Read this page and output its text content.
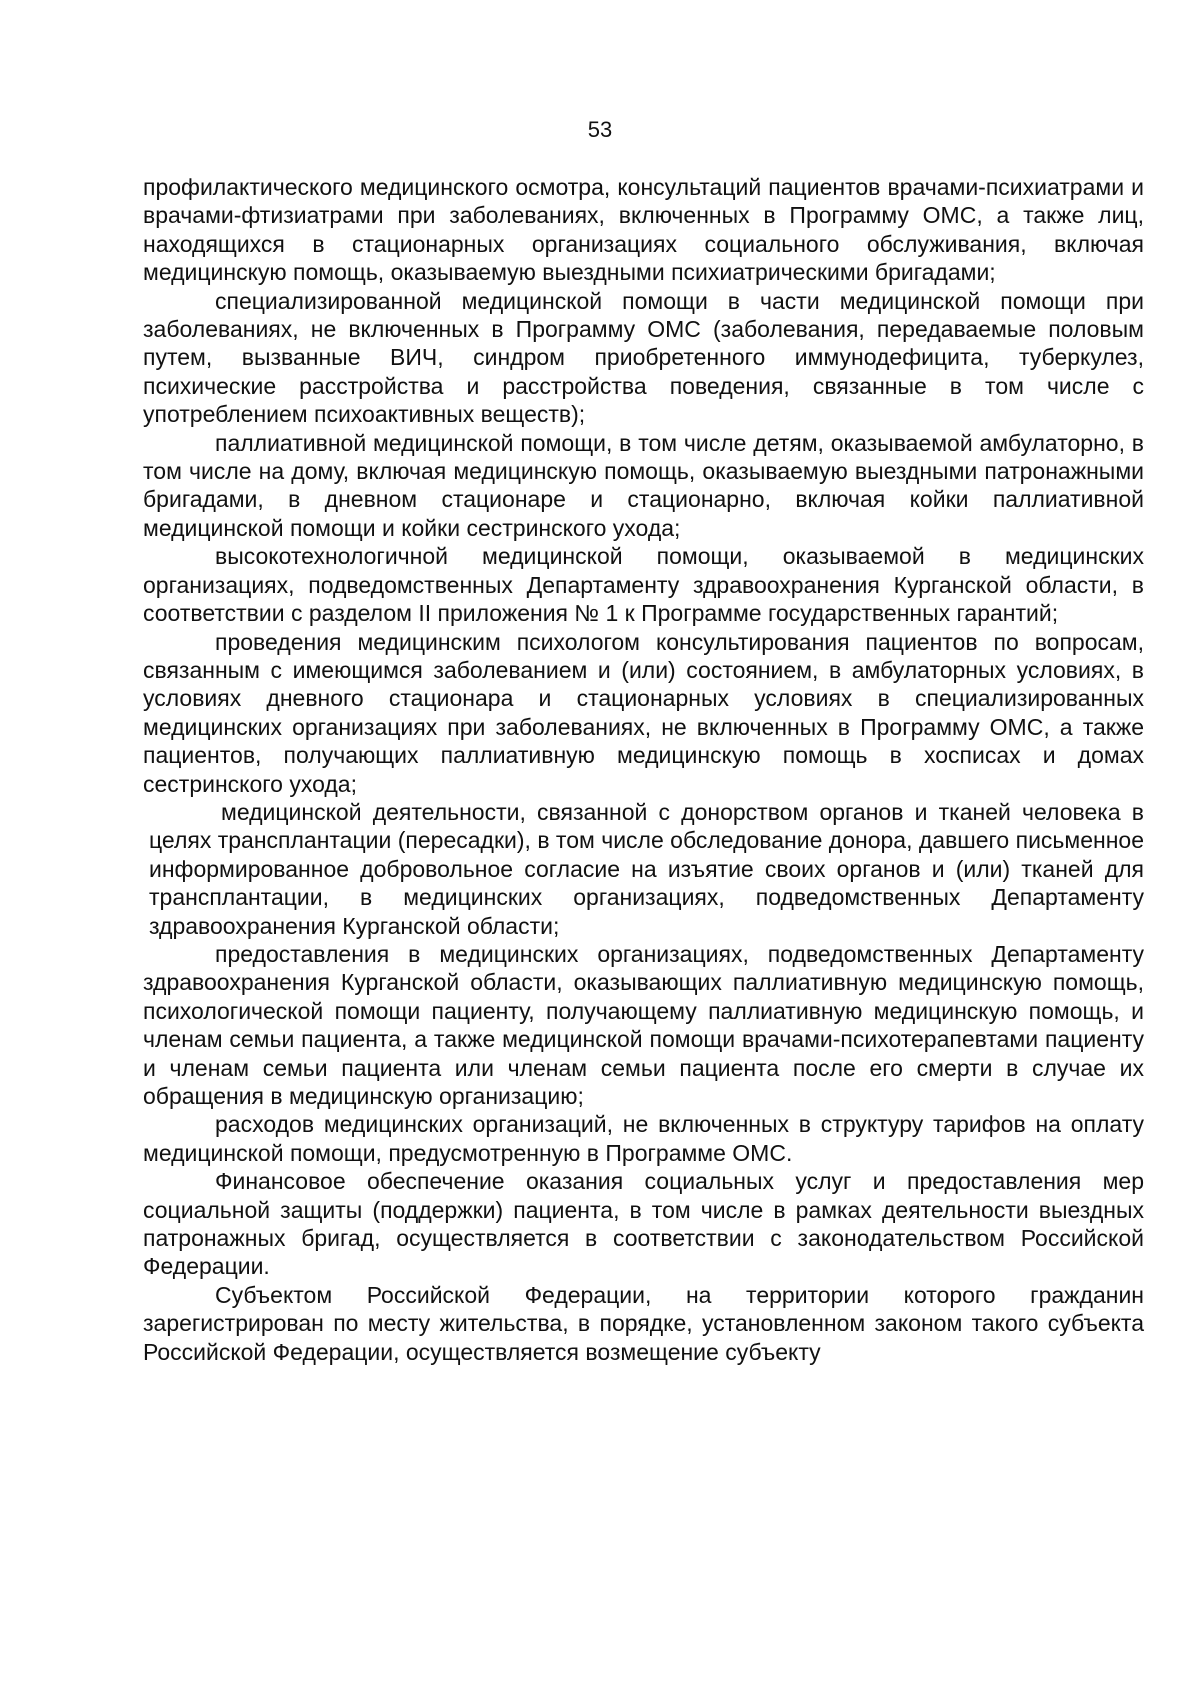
53

профилактического медицинского осмотра, консультаций пациентов врачами-психиатрами и врачами-фтизиатрами при заболеваниях, включенных в Программу ОМС, а также лиц, находящихся в стационарных организациях социального обслуживания, включая медицинскую помощь, оказываемую выездными психиатрическими бригадами;

специализированной медицинской помощи в части медицинской помощи при заболеваниях, не включенных в Программу ОМС (заболевания, передаваемые половым путем, вызванные ВИЧ, синдром приобретенного иммунодефицита, туберкулез, психические расстройства и расстройства поведения, связанные в том числе с употреблением психоактивных веществ);

паллиативной медицинской помощи, в том числе детям, оказываемой амбулаторно, в том числе на дому, включая медицинскую помощь, оказываемую выездными патронажными бригадами, в дневном стационаре и стационарно, включая койки паллиативной медицинской помощи и койки сестринского ухода;

высокотехнологичной медицинской помощи, оказываемой в медицинских организациях, подведомственных Департаменту здравоохранения Курганской области, в соответствии с разделом II приложения № 1 к Программе государственных гарантий;

проведения медицинским психологом консультирования пациентов по вопросам, связанным с имеющимся заболеванием и (или) состоянием, в амбулаторных условиях, в условиях дневного стационара и стационарных условиях в специализированных медицинских организациях при заболеваниях, не включенных в Программу ОМС, а также пациентов, получающих паллиативную медицинскую помощь в хосписах и домах сестринского ухода;

медицинской деятельности, связанной с донорством органов и тканей человека в целях трансплантации (пересадки), в том числе обследование донора, давшего письменное информированное добровольное согласие на изъятие своих органов и (или) тканей для трансплантации, в медицинских организациях, подведомственных Департаменту здравоохранения Курганской области;

предоставления в медицинских организациях, подведомственных Департаменту здравоохранения Курганской области, оказывающих паллиативную медицинскую помощь, психологической помощи пациенту, получающему паллиативную медицинскую помощь, и членам семьи пациента, а также медицинской помощи врачами-психотерапевтами пациенту и членам семьи пациента или членам семьи пациента после его смерти в случае их обращения в медицинскую организацию;

расходов медицинских организаций, не включенных в структуру тарифов на оплату медицинской помощи, предусмотренную в Программе ОМС.

Финансовое обеспечение оказания социальных услуг и предоставления мер социальной защиты (поддержки) пациента, в том числе в рамках деятельности выездных патронажных бригад, осуществляется в соответствии с законодательством Российской Федерации.

Субъектом Российской Федерации, на территории которого гражданин зарегистрирован по месту жительства, в порядке, установленном законом такого субъекта Российской Федерации, осуществляется возмещение субъекту
